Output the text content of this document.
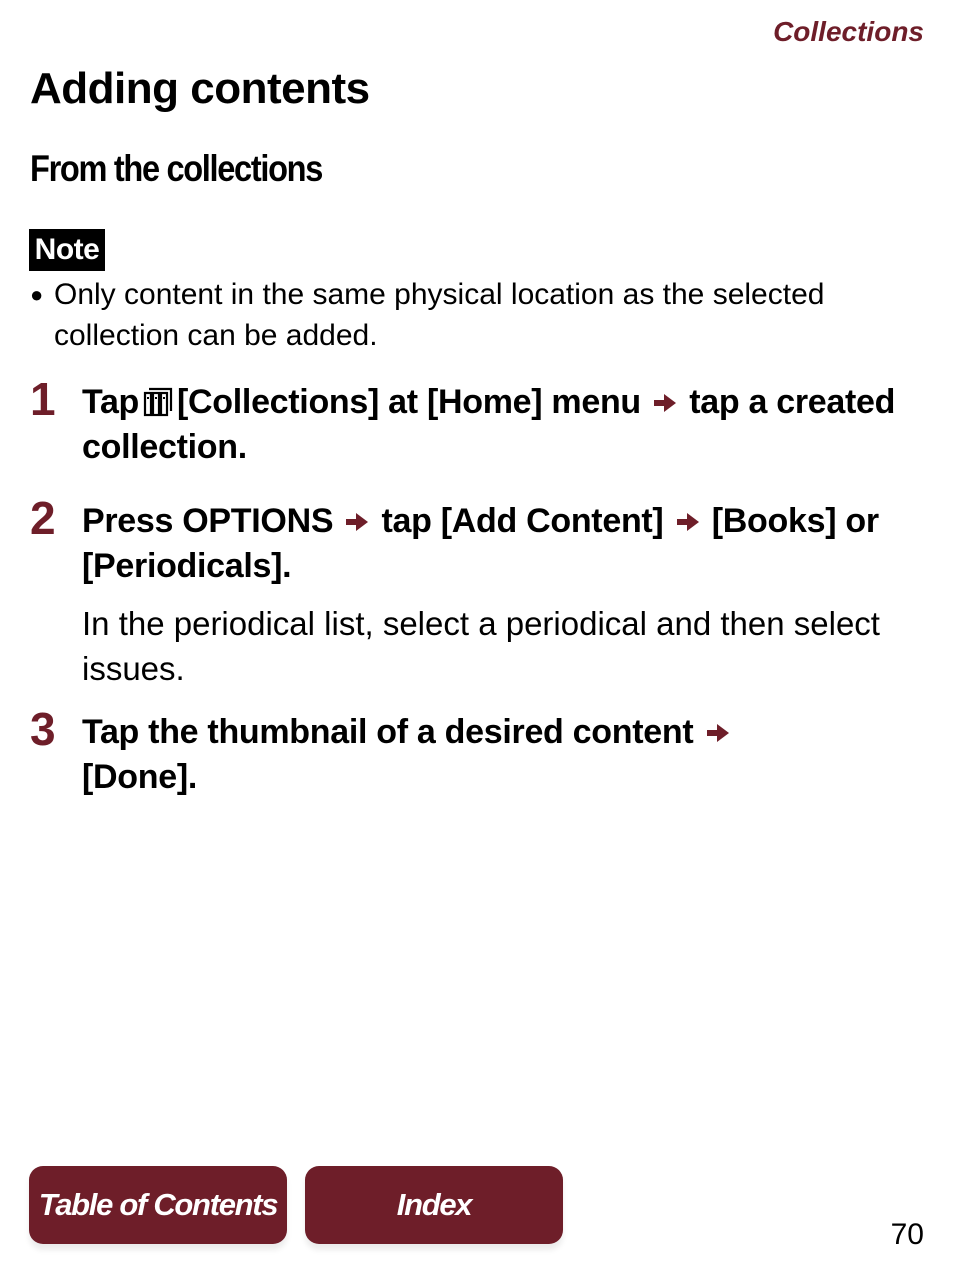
Collections
Adding contents
From the collections
Note
● Only content in the same physical location as the selected collection can be added.
1 Tap [Collections] at [Home] menu tap a created collection.

2 Press OPTIONS tap [Add Content] [Books] or [Periodicals].

In the periodical list, select a periodical and then select issues.

3 Tap the thumbnail of a desired content
[Done].

Table of Contents	Index
70
